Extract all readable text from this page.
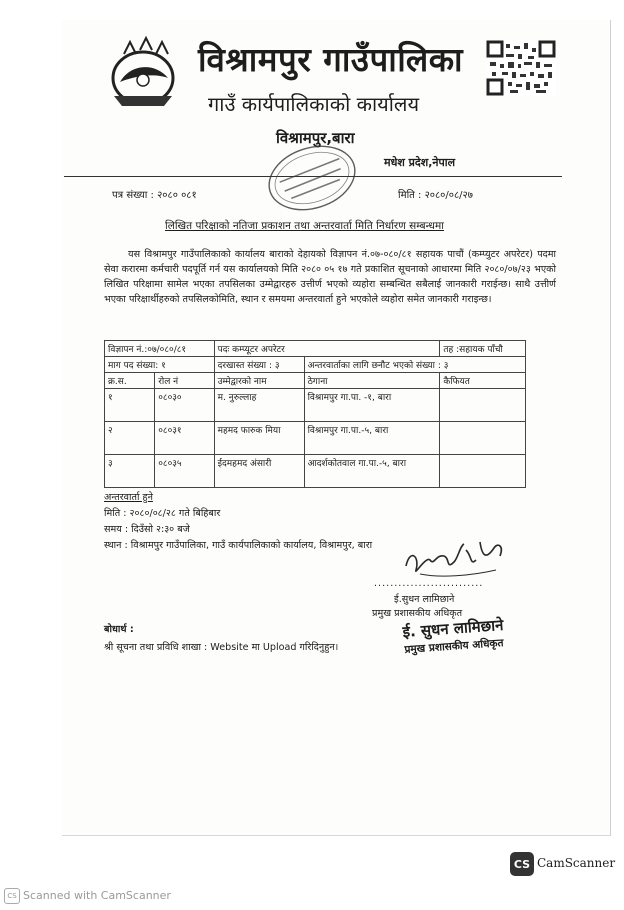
विश्रामपुर गाउँपालिका
गाउँ कार्यपालिकाको कार्यालय
विश्रामपुर,बारा
मधेश प्रदेश,नेपाल
पत्र संख्या : २०८० ०८१	मिति : २०८०/०८/२७
लिखित परिक्षाको नतिजा प्रकाशन तथा अन्तरवार्ता मिति निर्धारण सम्बन्धमा
यस विश्रामपुर गाउँपालिकाको कार्यालय बाराको देहायको विज्ञापन नं.०७-०८०/८१ सहायक पाचौं (कम्प्युटर अपरेटर) पदमा सेवा करारमा कर्मचारी पदपूर्ति गर्न यस कार्यालयको मिति २०८० ०५ १७ गते प्रकाशित सूचनाको आधारमा मिति २०८०/०७/२३ भएको लिखित परिक्षामा सामेल भएका तपसिलका उम्मेद्वारहरु उत्तीर्ण भएको व्यहोरा सम्बन्धित सबैलाई जानकारी गराईन्छ। साथै उत्तीर्ण भएका परिक्षार्थीहरुको तपसिलकोमिति, स्थान र समयमा अन्तरवार्ता हुने भएकोले व्यहोरा समेत जानकारी गराइन्छ।
विज्ञापन नं.:०७/०८०/८१		पदः कम्प्यूटर अपरेटर		तह :सहायक पाँचौ
माग पद संख्या: १		दरखास्त संख्या : ३	अन्तरवार्ताका लागि छनौट भएको संख्या : ३	
क्र.स.	रोल नं	उम्मेद्वारको नाम	ठेगाना	कैफियत
१	०८०३०	म. नुरुल्लाह	विश्रामपुर गा.पा. -१, बारा	
२	०८०३१	महमद फारुक मिया	विश्रामपुर गा.पा.-५, बारा	
३	०८०३५	ईदमहमद अंसारी	आदर्शकोतवाल गा.पा.-५, बारा	
अन्तरवार्ता हुने
मिति : २०८०/०८/२८ गते बिहिबार
समय : दिउँसो २:३० बजे
स्थान : विश्रामपुर गाउँपालिका, गाउँ कार्यपालिकाको कार्यालय, विश्रामपुर, बारा
...........................
ई.सुधन लामिछाने
प्रमुख प्रशासकीय अधिकृत
बोधार्थ :
श्री सूचना तथा प्रविधि शाखा : Website मा Upload गरिदिनुहुन।
ई. सुधन लामिछाने
प्रमुख प्रशासकीय अधिकृत
CS CamScanner
CS Scanned with CamScanner
